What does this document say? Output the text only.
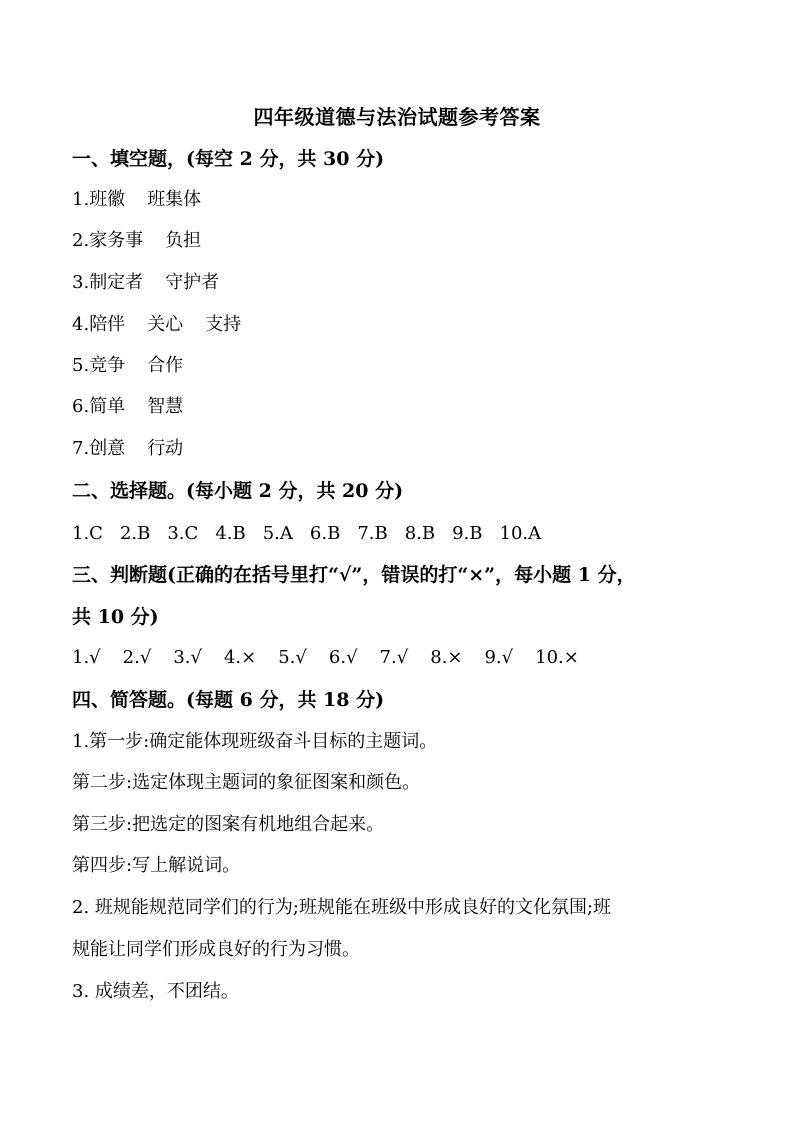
四年级道德与法治试题参考答案
一、填空题，(每空 2 分，共 30 分)
1.班徽 班集体
2.家务事 负担
3.制定者 守护者
4.陪伴 关心 支持
5.竞争 合作
6.简单 智慧
7.创意 行动
二、选择题。(每小题 2 分，共 20 分)
1.C 2.B 3.C 4.B 5.A 6.B 7.B 8.B 9.B 10.A
三、判断题(正确的在括号里打“√”，错误的打“×”，每小题 1 分，
共 10 分)
1.√ 2.√ 3.√ 4.× 5.√ 6.√ 7.√ 8.× 9.√ 10.×
四、简答题。(每题 6 分，共 18 分)
1.第一步:确定能体现班级奋斗目标的主题词。
第二步:选定体现主题词的象征图案和颜色。
第三步:把选定的图案有机地组合起来。
第四步:写上解说词。
2. 班规能规范同学们的行为;班规能在班级中形成良好的文化氛围;班
规能让同学们形成良好的行为习惯。
3. 成绩差，不团结。
